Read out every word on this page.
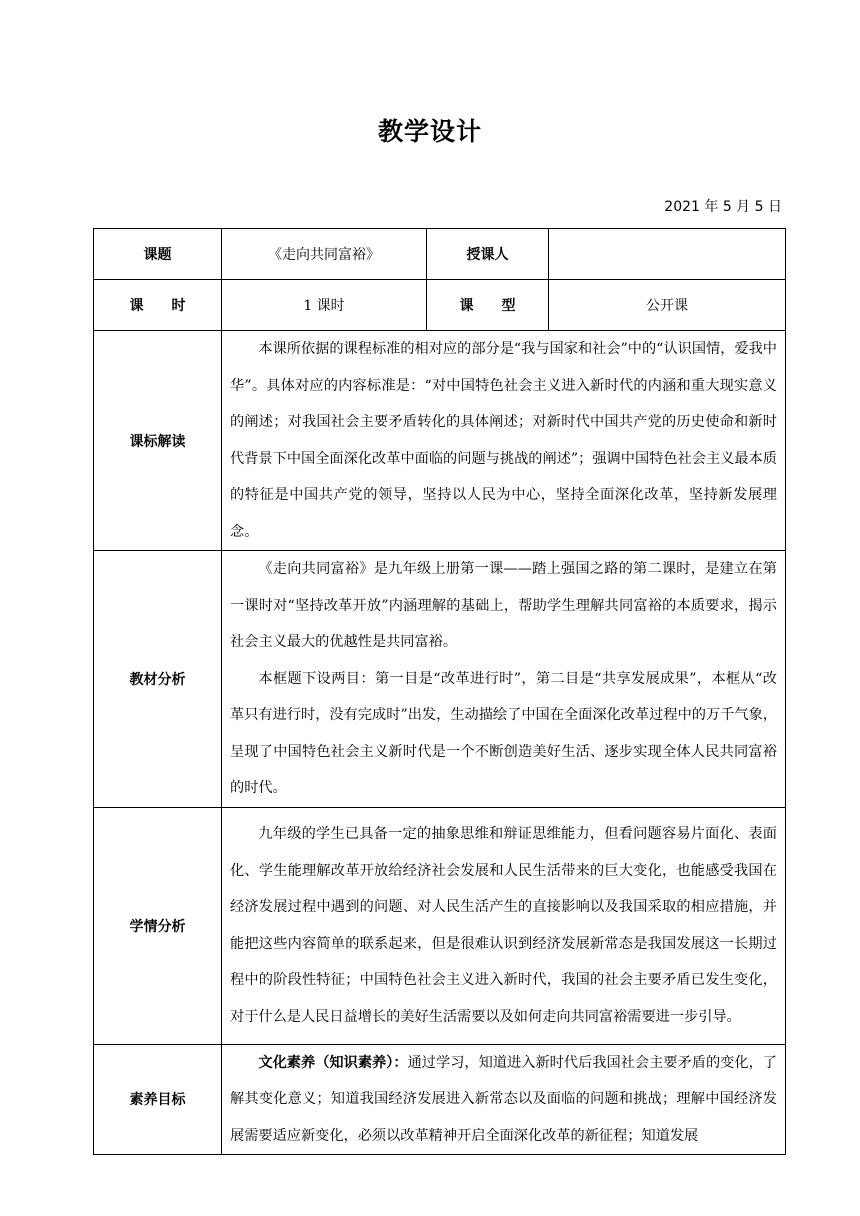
教学设计
2021 年 5 月 5 日
课题	《走向共同富裕》	授课人	
课　　时	1 课时	课　　型	公开课
课标解读	本课所依据的课程标准的相对应的部分是“我与国家和社会”中的“认识国情，爱我中华”。具体对应的内容标准是：“对中国特色社会主义进入新时代的内涵和重大现实意义的阐述；对我国社会主要矛盾转化的具体阐述；对新时代中国共产党的历史使命和新时代背景下中国全面深化改革中面临的问题与挑战的阐述”；强调中国特色社会主义最本质的特征是中国共产党的领导，坚持以人民为中心，坚持全面深化改革，坚持新发展理念。		

教材分析	《走向共同富裕》是九年级上册第一课——踏上强国之路的第二课时，是建立在第一课时对“坚持改革开放”内涵理解的基础上，帮助学生理解共同富裕的本质要求，揭示社会主义最大的优越性是共同富裕。

本框题下设两目：第一目是“改革进行时”，第二目是“共享发展成果”，本框从“改革只有进行时，没有完成时”出发，生动描绘了中国在全面深化改革过程中的万千气象，呈现了中国特色社会主义新时代是一个不断创造美好生活、逐步实现全体人民共同富裕的时代。		

学情分析	九年级的学生已具备一定的抽象思维和辩证思维能力，但看问题容易片面化、表面化、学生能理解改革开放给经济社会发展和人民生活带来的巨大变化，也能感受我国在经济发展过程中遇到的问题、对人民生活产生的直接影响以及我国采取的相应措施，并能把这些内容简单的联系起来，但是很难认识到经济发展新常态是我国发展这一长期过程中的阶段性特征；中国特色社会主义进入新时代，我国的社会主要矛盾已发生变化，对于什么是人民日益增长的美好生活需要以及如何走向共同富裕需要进一步引导。		

素养目标	文化素养（知识素养）：通过学习，知道进入新时代后我国社会主要矛盾的变化，了解其变化意义；知道我国经济发展进入新常态以及面临的问题和挑战；理解中国经济发展需要适应新变化，必须以改革精神开启全面深化改革的新征程；知道发展		
